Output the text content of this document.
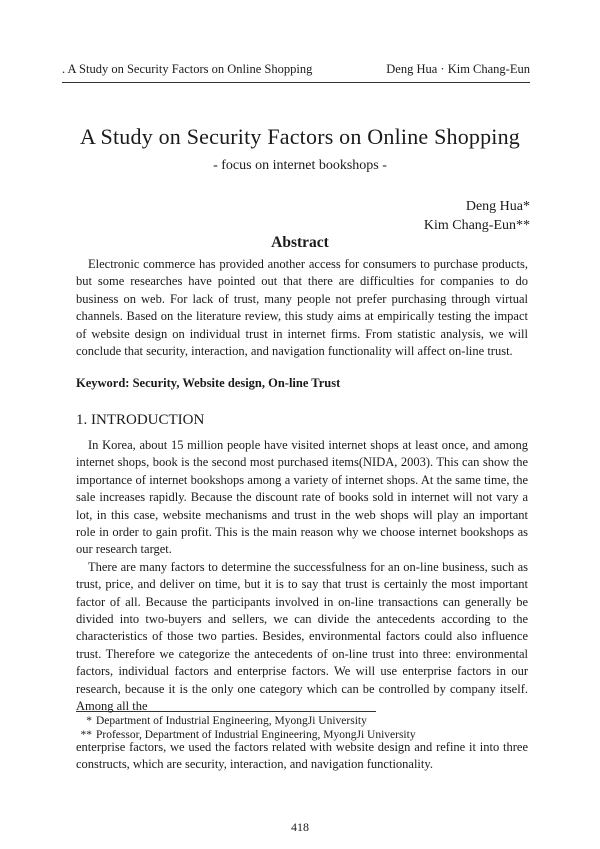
. A Study on Security Factors on Online Shopping	Deng Hua · Kim Chang-Eun
A Study on Security Factors on Online Shopping
- focus on internet bookshops -
Deng Hua*
Kim Chang-Eun**
Abstract

Electronic commerce has provided another access for consumers to purchase products, but some researches have pointed out that there are difficulties for companies to do business on web. For lack of trust, many people not prefer purchasing through virtual channels. Based on the literature review, this study aims at empirically testing the impact of website design on individual trust in internet firms. From statistic analysis, we will conclude that security, interaction, and navigation functionality will affect on-line trust.

Keyword: Security, Website design, On-line Trust
1. INTRODUCTION

In Korea, about 15 million people have visited internet shops at least once, and among internet shops, book is the second most purchased items(NIDA, 2003). This can show the importance of internet bookshops among a variety of internet shops. At the same time, the sale increases rapidly. Because the discount rate of books sold in internet will not vary a lot, in this case, website mechanisms and trust in the web shops will play an important role in order to gain profit. This is the main reason why we choose internet bookshops as our research target.

There are many factors to determine the successfulness for an on-line business, such as trust, price, and deliver on time, but it is to say that trust is certainly the most important factor of all. Because the participants involved in on-line transactions can generally be divided into two-buyers and sellers, we can divide the antecedents according to the characteristics of those two parties. Besides, environmental factors could also influence trust. Therefore we categorize the antecedents of on-line trust into three: environmental factors, individual factors and enterprise factors. We will use enterprise factors in our research, because it is the only one category which can be controlled by company itself. Among all the

* Department of Industrial Engineering, MyongJi University
** Professor, Department of Industrial Engineering, MyongJi University

enterprise factors, we used the factors related with website design and refine it into three constructs, which are security, interaction, and navigation functionality.

418
